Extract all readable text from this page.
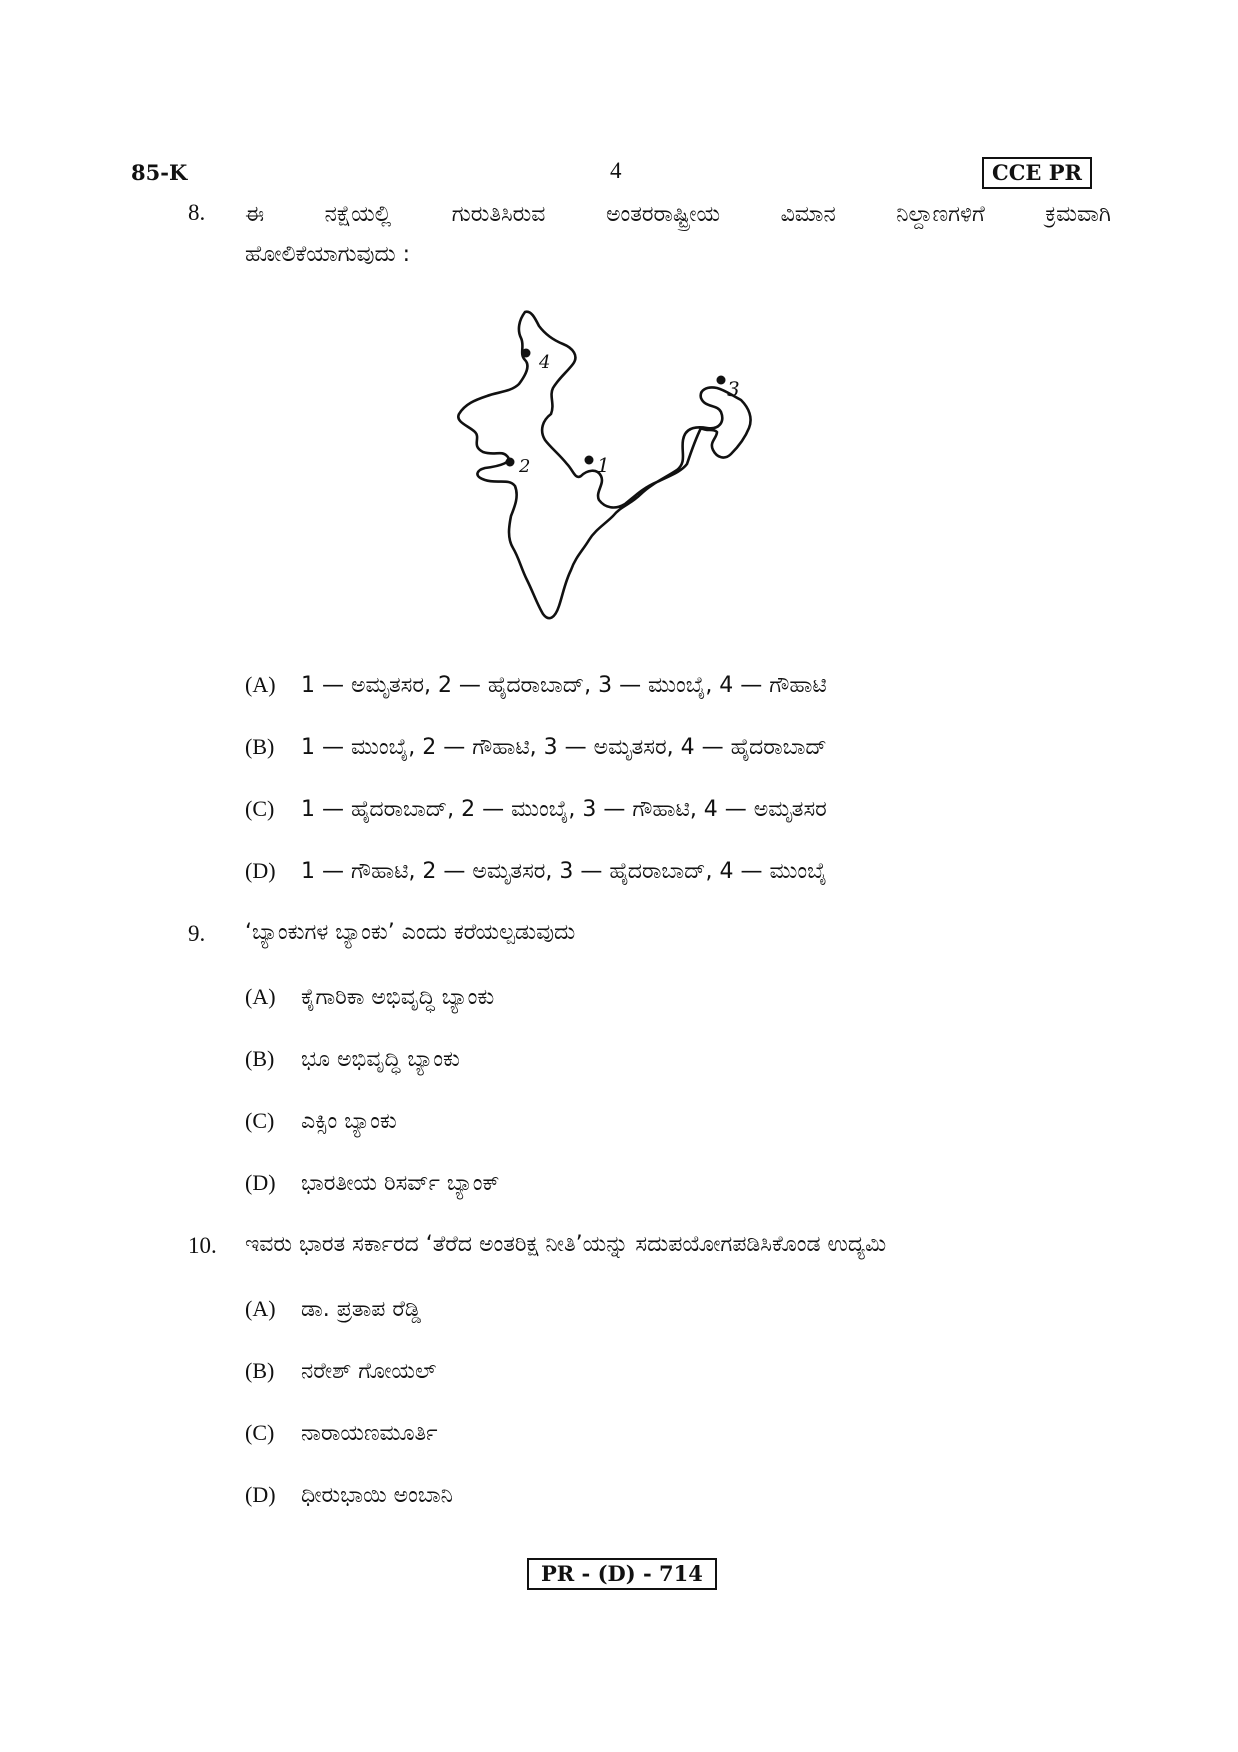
85-K	4	CCE PR
8. ಈ	ನಕ್ಷೆಯಲ್ಲಿ	ಗುರುತಿಸಿರುವ	ಅಂತರರಾಷ್ಟ್ರೀಯ	ವಿಮಾನ	ನಿಲ್ದಾಣಗಳಿಗೆ	ಕ್ರಮವಾಗಿ
ಹೋಲಿಕೆಯಾಗುವುದು :
4
3
2	1
(A)	1 — ಅಮೃತಸರ, 2 — ಹೈದರಾಬಾದ್, 3 — ಮುಂಬೈ, 4 — ಗೌಹಾಟಿ
(B)	1 — ಮುಂಬೈ, 2 — ಗೌಹಾಟಿ, 3 — ಅಮೃತಸರ, 4 — ಹೈದರಾಬಾದ್
(C)	1 — ಹೈದರಾಬಾದ್, 2 — ಮುಂಬೈ, 3 — ಗೌಹಾಟಿ, 4 — ಅಮೃತಸರ
(D)	1 — ಗೌಹಾಟಿ, 2 — ಅಮೃತಸರ, 3 — ಹೈದರಾಬಾದ್, 4 — ಮುಂಬೈ
9. ‘ಬ್ಯಾಂಕುಗಳ ಬ್ಯಾಂಕು’ ಎಂದು ಕರೆಯಲ್ಪಡುವುದು
(A)	ಕೈಗಾರಿಕಾ ಅಭಿವೃದ್ಧಿ ಬ್ಯಾಂಕು
(B)	ಭೂ ಅಭಿವೃದ್ಧಿ ಬ್ಯಾಂಕು
(C)	ಎಕ್ಸಿಂ ಬ್ಯಾಂಕು
(D)	ಭಾರತೀಯ ರಿಸರ್ವ್ ಬ್ಯಾಂಕ್
10. ಇವರು ಭಾರತ ಸರ್ಕಾರದ ‘ತೆರೆದ ಅಂತರಿಕ್ಷ ನೀತಿ’ಯನ್ನು ಸದುಪಯೋಗಪಡಿಸಿಕೊಂಡ ಉದ್ಯಮಿ
(A)	ಡಾ. ಪ್ರತಾಪ ರೆಡ್ಡಿ
(B)	ನರೇಶ್ ಗೋಯಲ್
(C)	ನಾರಾಯಣಮೂರ್ತಿ
(D)	ಧೀರುಭಾಯಿ ಅಂಬಾನಿ
PR - (D) - 714
